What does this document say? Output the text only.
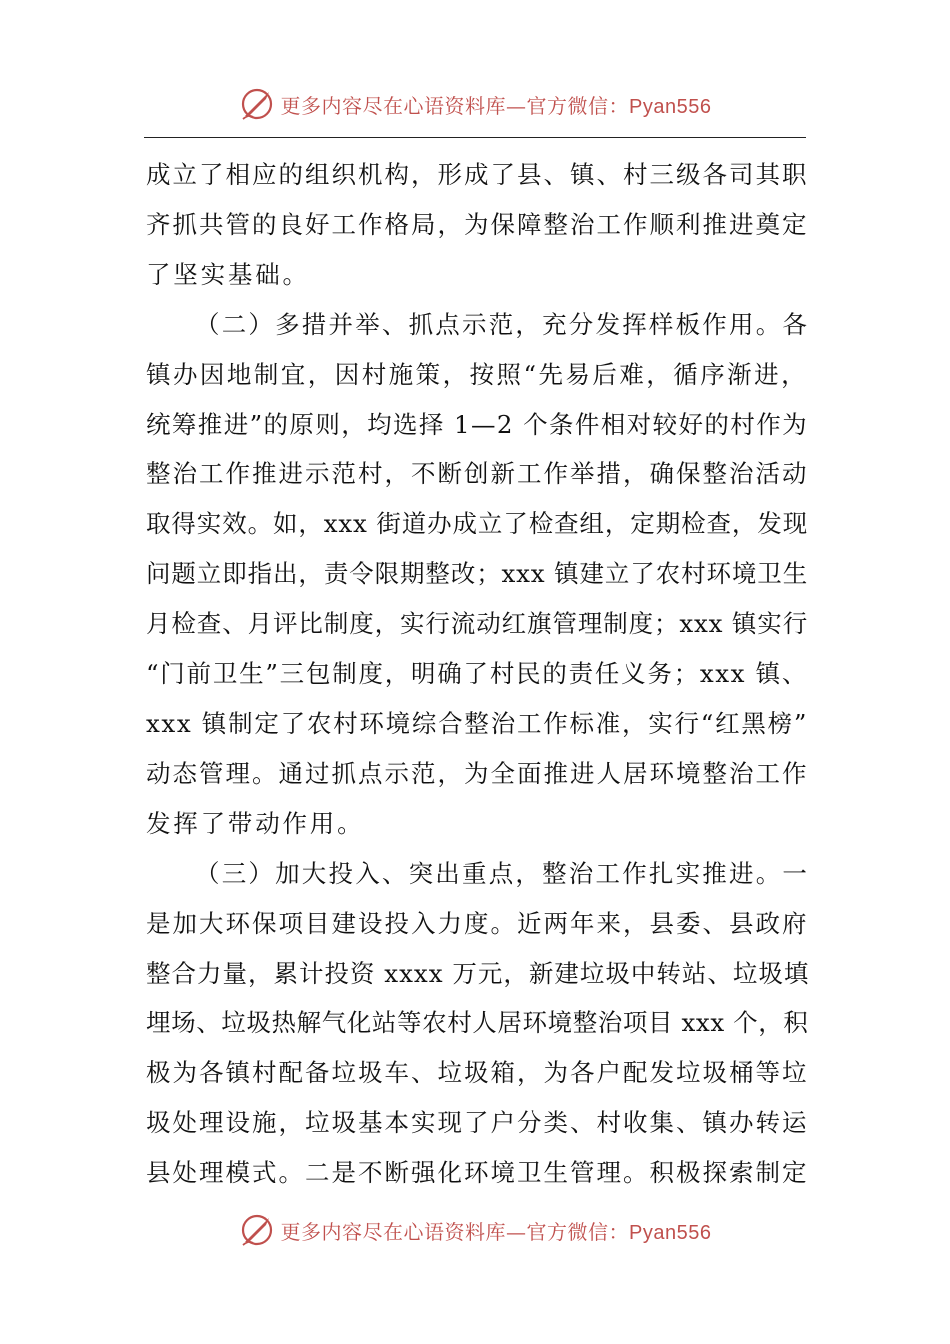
更多内容尽在心语资料库—官方微信：Pyan556
成立了相应的组织机构，形成了县、镇、村三级各司其职
齐抓共管的良好工作格局，为保障整治工作顺利推进奠定
了坚实基础。
（二）多措并举、抓点示范，充分发挥样板作用。各
镇办因地制宜，因村施策，按照“先易后难，循序渐进，
统筹推进”的原则，均选择 1—2 个条件相对较好的村作为
整治工作推进示范村，不断创新工作举措，确保整治活动
取得实效。如，xxx 街道办成立了检查组，定期检查，发现
问题立即指出，责令限期整改；xxx 镇建立了农村环境卫生
月检查、月评比制度，实行流动红旗管理制度；xxx 镇实行
“门前卫生”三包制度，明确了村民的责任义务；xxx 镇、
xxx 镇制定了农村环境综合整治工作标准，实行“红黑榜”
动态管理。通过抓点示范，为全面推进人居环境整治工作
发挥了带动作用。
（三）加大投入、突出重点，整治工作扎实推进。一
是加大环保项目建设投入力度。近两年来，县委、县政府
整合力量，累计投资 xxxx 万元，新建垃圾中转站、垃圾填
埋场、垃圾热解气化站等农村人居环境整治项目 xxx 个，积
极为各镇村配备垃圾车、垃圾箱，为各户配发垃圾桶等垃
圾处理设施，垃圾基本实现了户分类、村收集、镇办转运
县处理模式。二是不断强化环境卫生管理。积极探索制定
更多内容尽在心语资料库—官方微信：Pyan556
